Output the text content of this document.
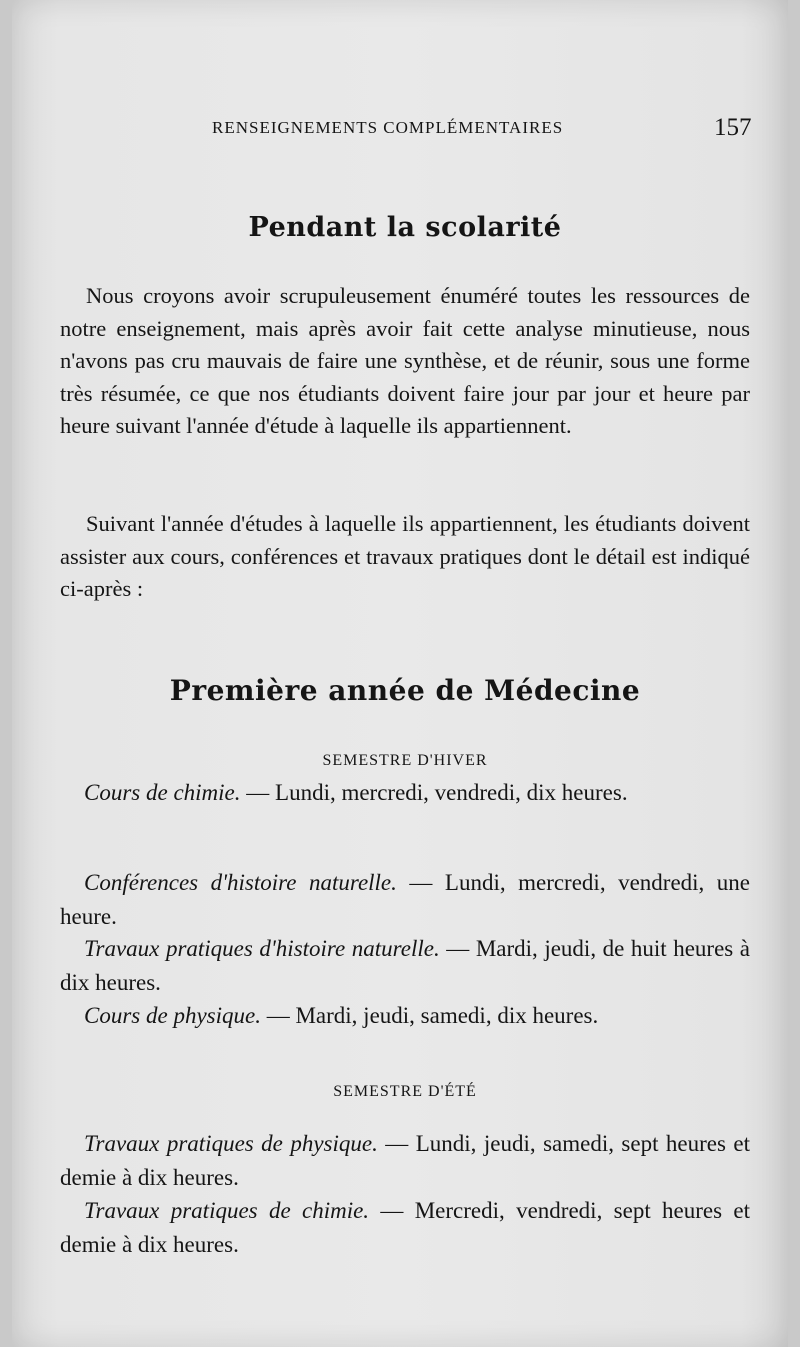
RENSEIGNEMENTS COMPLÉMENTAIRES	157
Pendant la scolarité
Nous croyons avoir scrupuleusement énuméré toutes les ressources de notre enseignement, mais après avoir fait cette analyse minutieuse, nous n'avons pas cru mauvais de faire une synthèse, et de réunir, sous une forme très résumée, ce que nos étudiants doivent faire jour par jour et heure par heure suivant l'année d'étude à laquelle ils appartiennent.
Suivant l'année d'études à laquelle ils appartiennent, les étudiants doivent assister aux cours, conférences et travaux pratiques dont le détail est indiqué ci-après :
Première année de Médecine
SEMESTRE D'HIVER
Cours de chimie. — Lundi, mercredi, vendredi, dix heures.
Conférences d'histoire naturelle. — Lundi, mercredi, vendredi, une heure.
Travaux pratiques d'histoire naturelle. — Mardi, jeudi, de huit heures à dix heures.
Cours de physique. — Mardi, jeudi, samedi, dix heures.
SEMESTRE D'ÉTÉ
Travaux pratiques de physique. — Lundi, jeudi, samedi, sept heures et demie à dix heures.
Travaux pratiques de chimie. — Mercredi, vendredi, sept heures et demie à dix heures.
